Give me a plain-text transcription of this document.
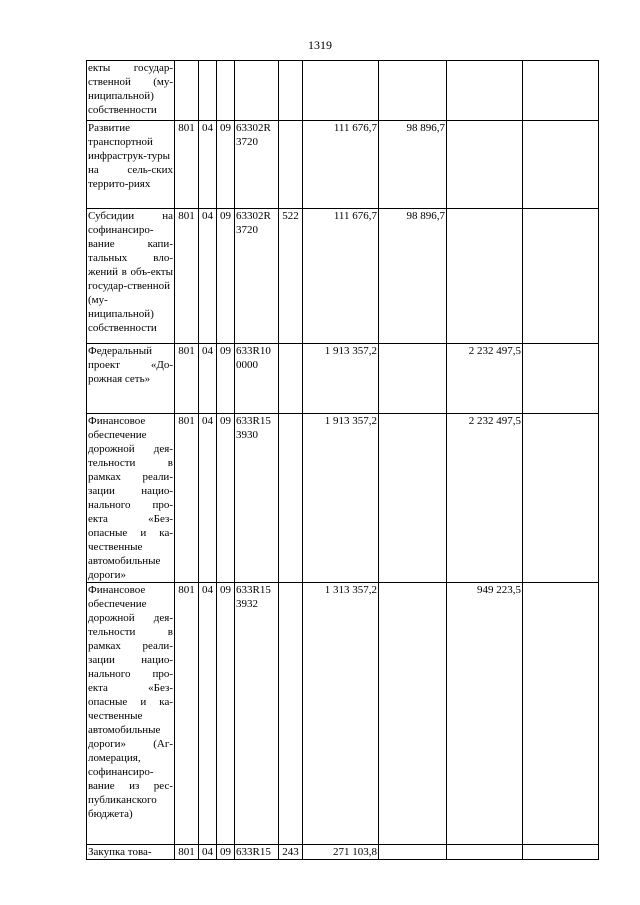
1319
екты государ-​ственной (му-​ниципальной) собственности									
Развитие транспортной инфраструк-​туры на сель-​ских террито-​риях	801	04	09	63302R 3720		111 676,7	98 896,7		
Субсидии на софинансиро-​вание капи-​тальных вло-​жений в объ-​екты государ-​ственной (му-​ниципальной) собственности	801	04	09	63302R 3720	522	111 676,7	98 896,7		
Федеральный проект «До-​рожная сеть»	801	04	09	633R10 0000		1 913 357,2		2 232 497,5	
Финансовое обеспечение дорожной дея-​тельности в рамках реали-​зации нацио-​нального про-​екта «Без-​опасные и ка-​чественные автомобильные дороги»	801	04	09	633R15 3930		1 913 357,2		2 232 497,5	
Финансовое обеспечение дорожной дея-​тельности в рамках реали-​зации нацио-​нального про-​екта «Без-​опасные и ка-​чественные автомобильные дороги» (Аг-​ломерация, софинансиро-​вание из рес-​публиканского бюджета)	801	04	09	633R15 3932		1 313 357,2		949 223,5	
Закупка това-​	801	04	09	633R15	243	271 103,8			
